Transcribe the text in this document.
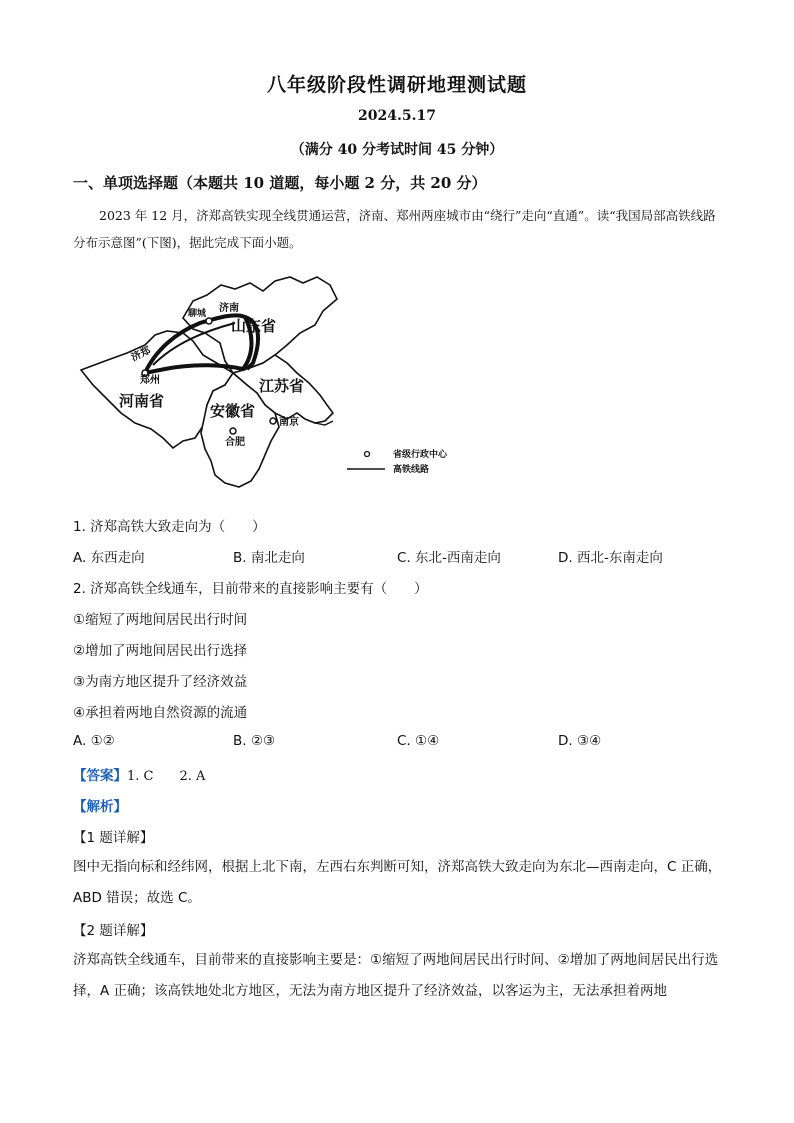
八年级阶段性调研地理测试题
2024.5.17
（满分 40 分考试时间 45 分钟）
一、单项选择题（本题共 10 道题，每小题 2 分，共 20 分）
2023 年 12 月，济郑高铁实现全线贯通运营，济南、郑州两座城市由“绕行”走向“直通”。读“我国局部高铁线路分布示意图”(下图)，据此完成下面小题。
山东省
济南
聊城
济郑
郑州
河南省
江苏省
安徽省
合肥
南京
省级行政中心
高铁线路
1. 济郑高铁大致走向为（　　）
A. 东西走向	B. 南北走向	C. 东北-西南走向	D. 西北-东南走向
2. 济郑高铁全线通车，目前带来的直接影响主要有（　　）
①缩短了两地间居民出行时间
②增加了两地间居民出行选择
③为南方地区提升了经济效益
④承担着两地自然资源的流通
A. ①②	B. ②③	C. ①④	D. ③④
【答案】1. C　　2. A
【解析】
【1 题详解】
图中无指向标和经纬网，根据上北下南，左西右东判断可知，济郑高铁大致走向为东北—西南走向，C 正确，ABD 错误；故选 C。
【2 题详解】
济郑高铁全线通车，目前带来的直接影响主要是：①缩短了两地间居民出行时间、②增加了两地间居民出行选择，A 正确；该高铁地处北方地区，无法为南方地区提升了经济效益，以客运为主，无法承担着两地
